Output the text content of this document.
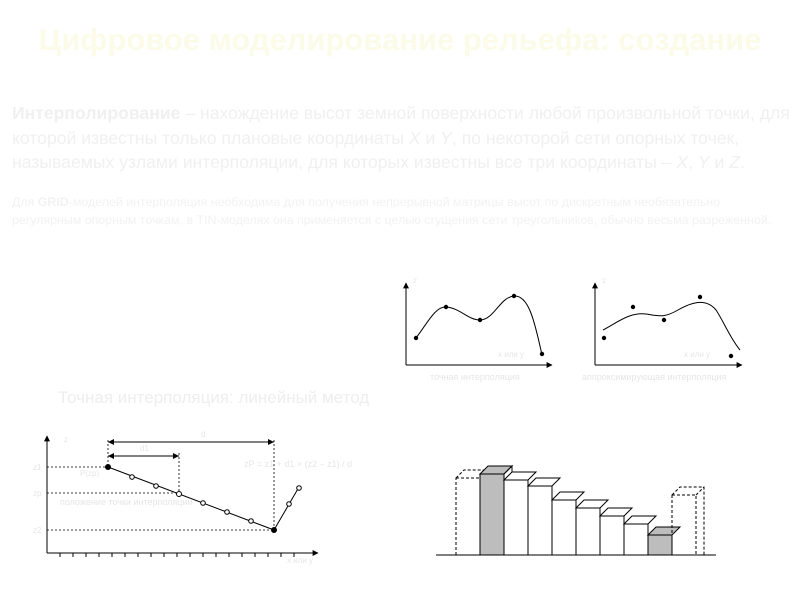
Цифровое моделирование рельефа: создание
Интерполирование – нахождение высот земной поверхности любой произвольной точки, для которой известны только плановые координаты X и Y, по некоторой сети опорных точек, называемых узлами интерполяции, для которых известны все три координаты – X, Y и Z.
Для GRID-моделей интерполяция необходима для получения непрерывной матрицы высот по дискретным необязательно регулярным опорным точкам, в TIN-моделях она применяется с целью сгущения сети треугольников, обычно весьма разреженной.
Точная интерполяция: линейный метод
z
x или y
точная интерполяция
z
x или y
аппроксимирующая интерполяция
z
d
d1
z1
zp
z2
P(zp)
zP = z1 + d1 × (z2 – z1) / d
положение точки интерполяции
x или y
